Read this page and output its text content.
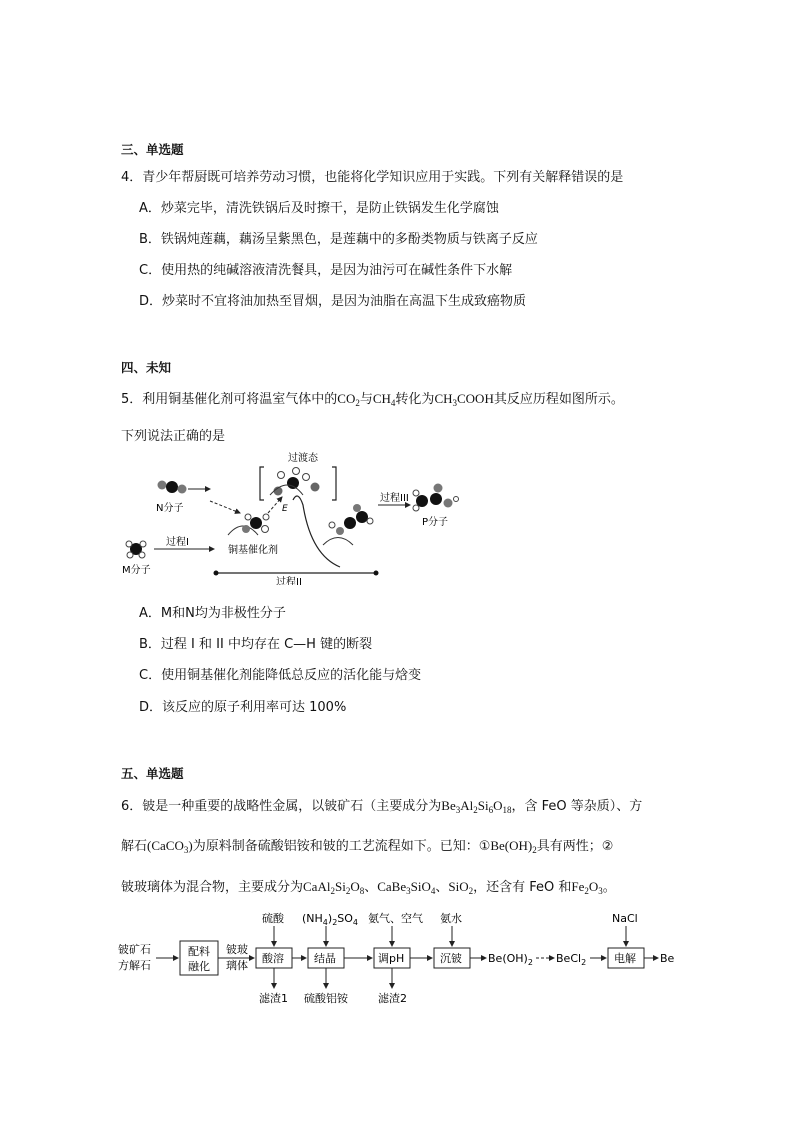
三、单选题
4．青少年帮厨既可培养劳动习惯，也能将化学知识应用于实践。下列有关解释错误的是
A．炒菜完毕，清洗铁锅后及时擦干，是防止铁锅发生化学腐蚀
B．铁锅炖莲藕，藕汤呈紫黑色，是莲藕中的多酚类物质与铁离子反应
C．使用热的纯碱溶液清洗餐具，是因为油污可在碱性条件下水解
D．炒菜时不宜将油加热至冒烟，是因为油脂在高温下生成致癌物质
四、未知
5．利用铜基催化剂可将温室气体中的$CO_2$与$CH_4$转化为$CH_3COOH$其反应历程如图所示。
下列说法正确的是
过渡态
N分子
M分子
过程I
铜基催化剂
E
过程III
P分子
过程II
A．M和N均为非极性分子
B．过程 I 和 II 中均存在 C—H 键的断裂
C．使用铜基催化剂能降低总反应的活化能与焓变
D．该反应的原子利用率可达 100%
五、单选题
6．铍是一种重要的战略性金属，以铍矿石（主要成分为$Be_3Al_2Si_6O_{18}$，含 FeO 等杂质）、方
解石(CaCO$_3$)为原料制备硫酸铝铵和铍的工艺流程如下。已知：$①Be(OH)_2$具有两性；②
铍玻璃体为混合物，主要成分为$CaAl_2Si_2O_8$、CaBe$_3$SiO$_4$、SiO$_2$，还含有 FeO 和$Fe_2O_3$。
铍矿石
方解石
配料
融化
铍玻
璃体
酸溶
硫酸
滤渣1
结晶
$(NH_4)_2SO_4$
硫酸铝铵
调pH
氨气、空气
滤渣2
沉铍
氨水
$Be(OH)_2$ BeCl$_2$	电解
NaCl
Be
